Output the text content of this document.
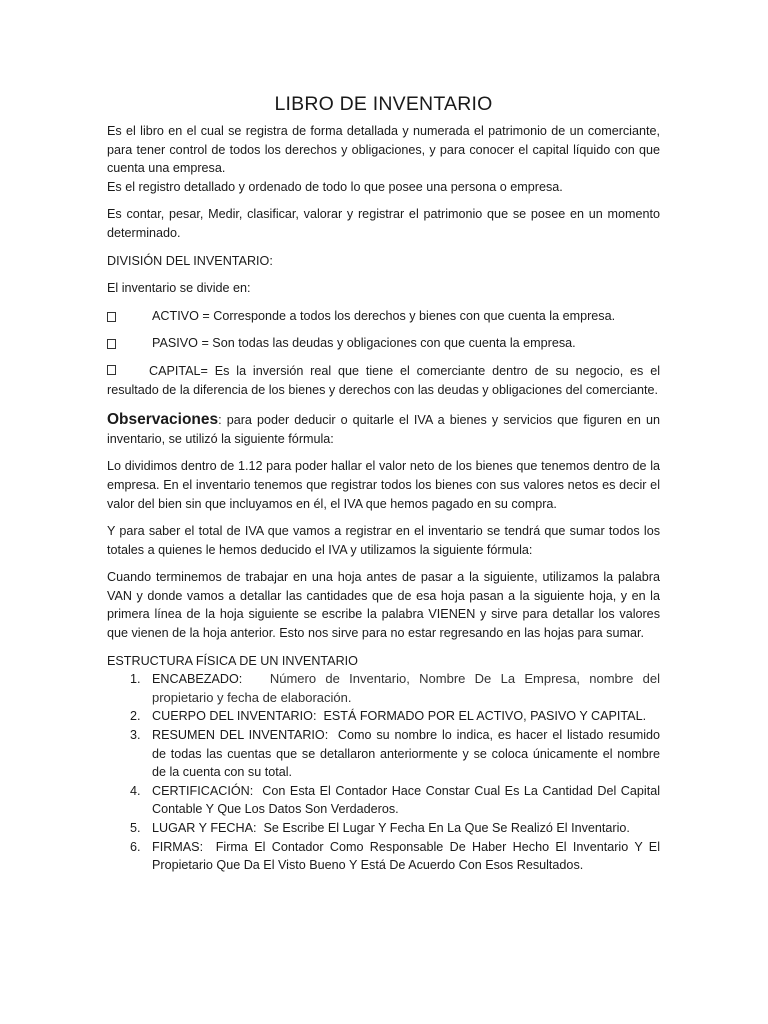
LIBRO DE INVENTARIO

Es el libro en el cual se registra de forma detallada y numerada el patrimonio de un comerciante, para tener control de todos los derechos y obligaciones, y para conocer el capital líquido con que cuenta una empresa.

Es el registro detallado y ordenado de todo lo que posee una persona o empresa.

Es contar, pesar, Medir, clasificar, valorar y registrar el patrimonio que se posee en un momento determinado.

DIVISIÓN DEL INVENTARIO:

El inventario se divide en:

ACTIVO = Corresponde a todos los derechos y bienes con que cuenta la empresa.
PASIVO = Son todas las deudas y obligaciones con que cuenta la empresa.

CAPITAL= Es la inversión real que tiene el comerciante dentro de su negocio, es el resultado de la diferencia de los bienes y derechos con las deudas y obligaciones del comerciante.

Observaciones: para poder deducir o quitarle el IVA a bienes y servicios que figuren en un inventario, se utilizó la siguiente fórmula:

Lo dividimos dentro de 1.12 para poder hallar el valor neto de los bienes que tenemos dentro de la empresa. En el inventario tenemos que registrar todos los bienes con sus valores netos es decir el valor del bien sin que incluyamos en él, el IVA que hemos pagado en su compra.

Y para saber el total de IVA que vamos a registrar en el inventario se tendrá que sumar todos los totales a quienes le hemos deducido el IVA y utilizamos la siguiente fórmula:

Cuando terminemos de trabajar en una hoja antes de pasar a la siguiente, utilizamos la palabra VAN y donde vamos a detallar las cantidades que de esa hoja pasan a la siguiente hoja, y en la primera línea de la hoja siguiente se escribe la palabra VIENEN y sirve para detallar los valores que vienen de la hoja anterior. Esto nos sirve para no estar regresando en las hojas para sumar.

ESTRUCTURA FÍSICA DE UN INVENTARIO

1. ENCABEZADO: Número de Inventario, Nombre De La Empresa, nombre del propietario y fecha de elaboración.
2. CUERPO DEL INVENTARIO: ESTÁ FORMADO POR EL ACTIVO, PASIVO Y CAPITAL.
3. RESUMEN DEL INVENTARIO: Como su nombre lo indica, es hacer el listado resumido de todas las cuentas que se detallaron anteriormente y se coloca únicamente el nombre de la cuenta con su total.
4. CERTIFICACIÓN: Con Esta El Contador Hace Constar Cual Es La Cantidad Del Capital Contable Y Que Los Datos Son Verdaderos.
5. LUGAR Y FECHA: Se Escribe El Lugar Y Fecha En La Que Se Realizó El Inventario.
6. FIRMAS: Firma El Contador Como Responsable De Haber Hecho El Inventario Y El Propietario Que Da El Visto Bueno Y Está De Acuerdo Con Esos Resultados.
